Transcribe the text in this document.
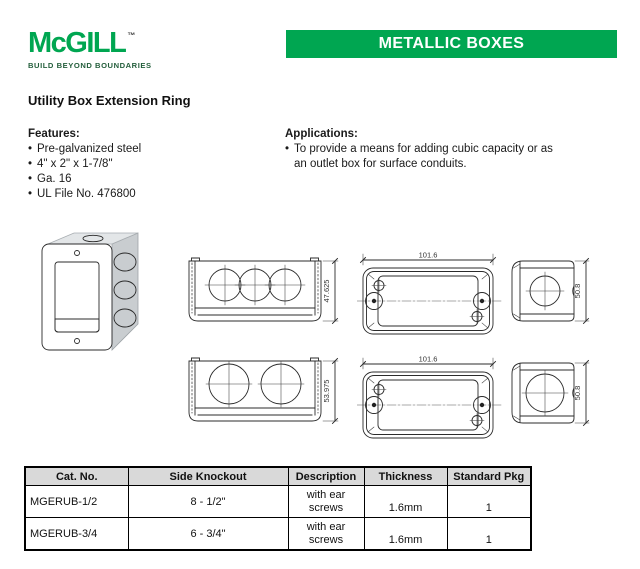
McGILL ™
BUILD BEYOND BOUNDARIES
METALLIC BOXES
Utility Box Extension Ring
Features:
• Pre-galvanized steel
• 4" x 2" x 1-7/8"
• Ga. 16
• UL File No. 476800
Applications:
• To provide a means for adding cubic capacity or as an outlet box for surface conduits.
47.625
101.6
50.8
53.975
101.6
50.8
Cat. No.	Side Knockout	Description	Thickness	Standard Pkg
MGERUB-1/2	8 - 1/2"	with ear screws	1.6mm	1
MGERUB-3/4	6 - 3/4"	with ear screws	1.6mm	1
